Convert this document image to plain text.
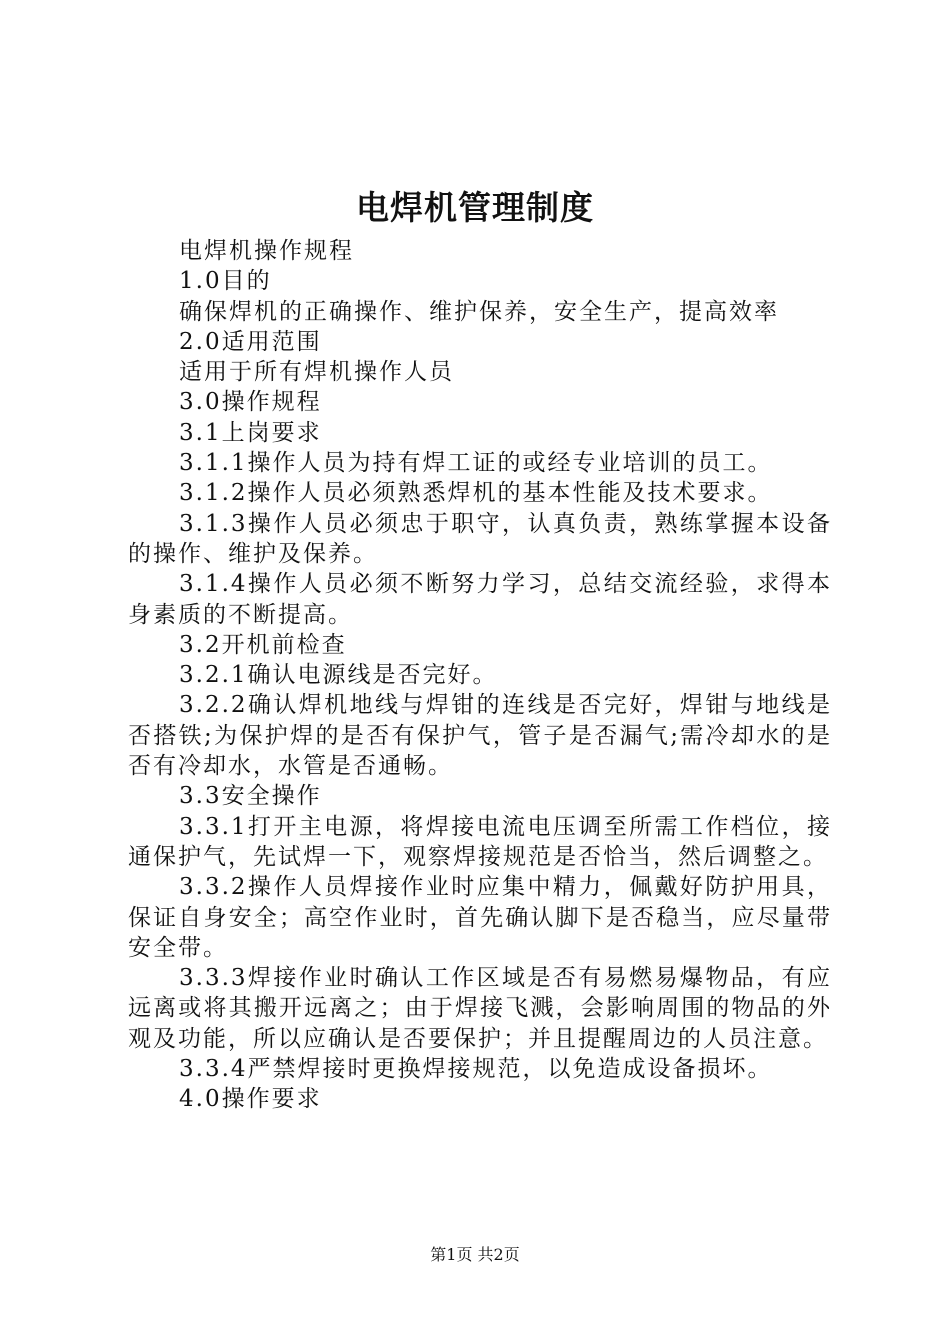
电焊机管理制度

电焊机操作规程

1.0目的

确保焊机的正确操作、维护保养，安全生产，提高效率

2.0适用范围

适用于所有焊机操作人员

3.0操作规程

3.1上岗要求

3.1.1操作人员为持有焊工证的或经专业培训的员工。

3.1.2操作人员必须熟悉焊机的基本性能及技术要求。

3.1.3操作人员必须忠于职守，认真负责，熟练掌握本设备的操作、维护及保养。

3.1.4操作人员必须不断努力学习，总结交流经验，求得本身素质的不断提高。

3.2开机前检查

3.2.1确认电源线是否完好。

3.2.2确认焊机地线与焊钳的连线是否完好，焊钳与地线是否搭铁;为保护焊的是否有保护气，管子是否漏气;需冷却水的是否有冷却水，水管是否通畅。

3.3安全操作

3.3.1打开主电源，将焊接电流电压调至所需工作档位，接通保护气，先试焊一下，观察焊接规范是否恰当，然后调整之。

3.3.2操作人员焊接作业时应集中精力，佩戴好防护用具，保证自身安全；高空作业时，首先确认脚下是否稳当，应尽量带安全带。

3.3.3焊接作业时确认工作区域是否有易燃易爆物品，有应远离或将其搬开远离之；由于焊接飞溅，会影响周围的物品的外观及功能，所以应确认是否要保护；并且提醒周边的人员注意。

3.3.4严禁焊接时更换焊接规范，以免造成设备损坏。

4.0操作要求

第1页 共2页
